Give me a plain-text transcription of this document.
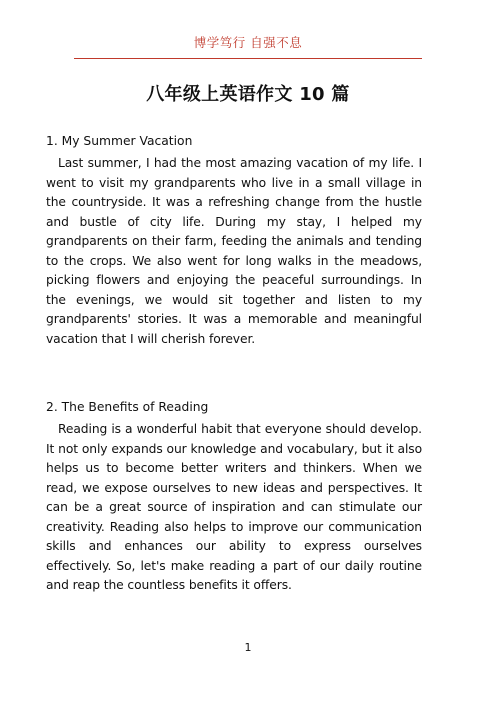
博学笃行 自强不息
八年级上英语作文 10 篇

1. My Summer Vacation

Last summer, I had the most amazing vacation of my life. I went to visit my grandparents who live in a small village in the countryside. It was a refreshing change from the hustle and bustle of city life. During my stay, I helped my grandparents on their farm, feeding the animals and tending to the crops. We also went for long walks in the meadows, picking flowers and enjoying the peaceful surroundings. In the evenings, we would sit together and listen to my grandparents' stories. It was a memorable and meaningful vacation that I will cherish forever.

2. The Benefits of Reading

Reading is a wonderful habit that everyone should develop. It not only expands our knowledge and vocabulary, but it also helps us to become better writers and thinkers. When we read, we expose ourselves to new ideas and perspectives. It can be a great source of inspiration and can stimulate our creativity. Reading also helps to improve our communication skills and enhances our ability to express ourselves effectively. So, let's make reading a part of our daily routine and reap the countless benefits it offers.

1
